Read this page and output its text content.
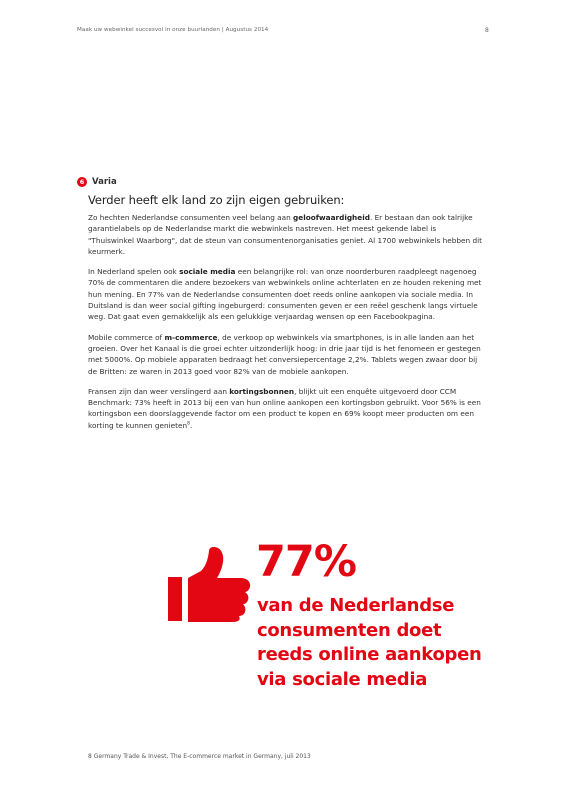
Maak uw webwinkel succesvol in onze buurlanden | Augustus 2014	8
6 Varia
Verder heeft elk land zo zijn eigen gebruiken:

Zo hechten Nederlandse consumenten veel belang aan geloofwaardigheid. Er bestaan dan ook talrijke garantielabels op de Nederlandse markt die webwinkels nastreven. Het meest gekende label is "Thuiswinkel Waarborg", dat de steun van consumentenorganisaties geniet. Al 1700 webwinkels hebben dit keurmerk.

In Nederland spelen ook sociale media een belangrijke rol: van onze noorderburen raadpleegt nagenoeg 70% de commentaren die andere bezoekers van webwinkels online achterlaten en ze houden rekening met hun mening. En 77% van de Nederlandse consumenten doet reeds online aankopen via sociale media. In Duitsland is dan weer social gifting ingeburgerd: consumenten geven er een reëel geschenk langs virtuele weg. Dat gaat even gemakkelijk als een gelukkige verjaardag wensen op een Facebookpagina.

Mobile commerce of m-commerce, de verkoop op webwinkels via smartphones, is in alle landen aan het groeien. Over het Kanaal is die groei echter uitzonderlijk hoog: in drie jaar tijd is het fenomeen er gestegen met 5000%. Op mobiele apparaten bedraagt het conversiepercentage 2,2%. Tablets wegen zwaar door bij de Britten: ze waren in 2013 goed voor 82% van de mobiele aankopen.

Fransen zijn dan weer verslingerd aan kortingsbonnen, blijkt uit een enquête uitgevoerd door CCM Benchmark: 73% heeft in 2013 bij een van hun online aankopen een kortingsbon gebruikt. Voor 56% is een kortingsbon een doorslaggevende factor om een product te kopen en 69% koopt meer producten om een korting te kunnen genieten$^8$.

77%
van de Nederlandse
consumenten doet
reeds online aankopen
via sociale media
8 Germany Trade & Invest, The E-commerce market in Germany, juli 2013
